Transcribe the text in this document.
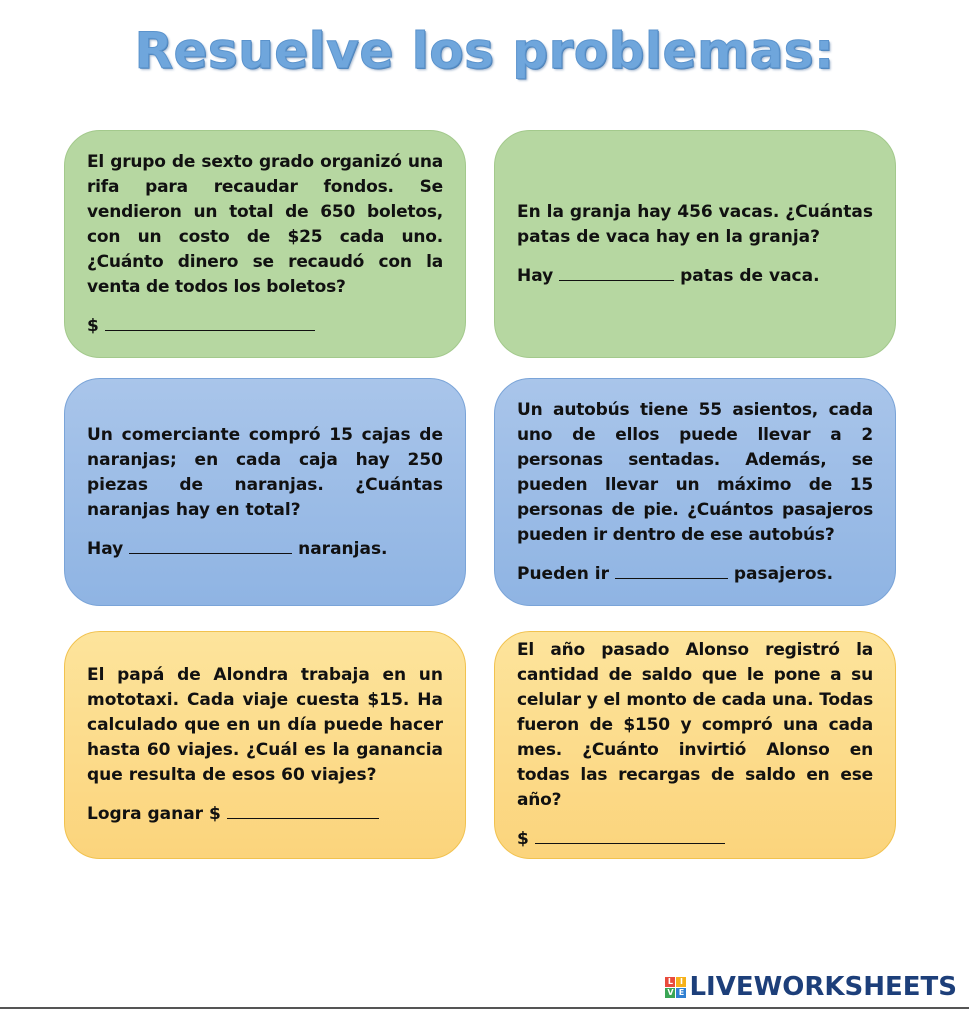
Resuelve los problemas:
El grupo de sexto grado organizó una rifa para recaudar fondos. Se vendieron un total de 650 boletos, con un costo de $25 cada uno. ¿Cuánto dinero se recaudó con la venta de todos los boletos?
$
En la granja hay 456 vacas. ¿Cuántas patas de vaca hay en la granja?
Hay	patas de vaca.
Un comerciante compró 15 cajas de naranjas; en cada caja hay 250 piezas de naranjas. ¿Cuántas naranjas hay en total?
Hay	naranjas.
Un autobús tiene 55 asientos, cada uno de ellos puede llevar a 2 personas sentadas. Además, se pueden llevar un máximo de 15 personas de pie. ¿Cuántos pasajeros pueden ir dentro de ese autobús?
Pueden ir	pasajeros.
El papá de Alondra trabaja en un mototaxi. Cada viaje cuesta $15. Ha calculado que en un día puede hacer hasta 60 viajes. ¿Cuál es la ganancia que resulta de esos 60 viajes?
Logra ganar $
El año pasado Alonso registró la cantidad de saldo que le pone a su celular y el monto de cada una. Todas fueron de $150 y compró una cada mes. ¿Cuánto invirtió Alonso en todas las recargas de saldo en ese año?
$
L I
V E LIVEWORKSHEETS
